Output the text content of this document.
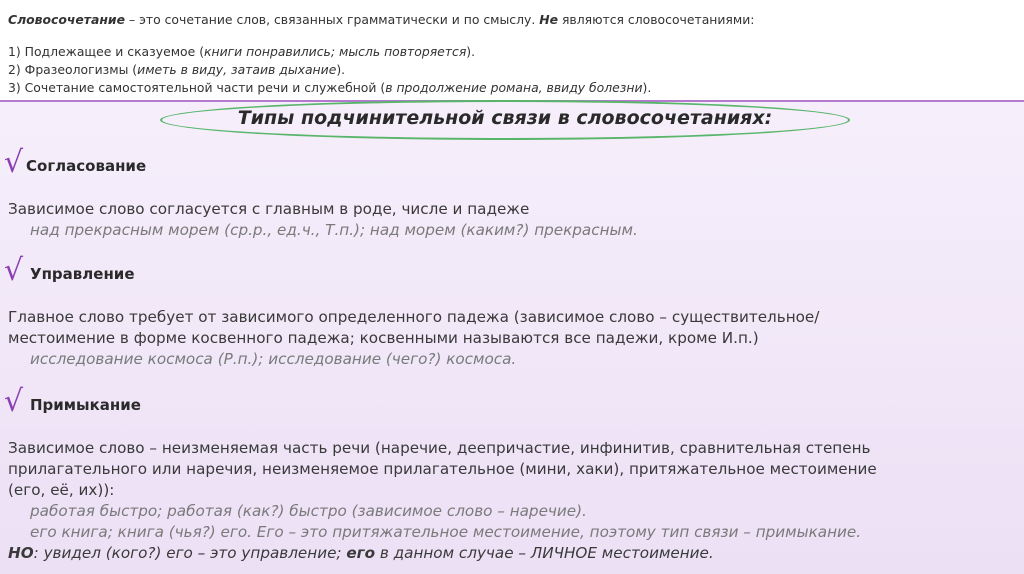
Словосочетание – это сочетание слов, связанных грамматически и по смыслу. Не являются словосочетаниями:

1) Подлежащее и сказуемое (книги понравились; мысль повторяется).

2) Фразеологизмы (иметь в виду, затаив дыхание).

3) Сочетание самостоятельной части речи и служебной (в продолжение романа, ввиду болезни).

Типы подчинительной связи в словосочетаниях:
√ Согласование

Зависимое слово согласуется с главным в роде, числе и падеже

над прекрасным морем (ср.р., ед.ч., Т.п.); над морем (каким?) прекрасным.

√ Управление

Главное слово требует от зависимого определенного падежа (зависимое слово – существительное/

местоимение в форме косвенного падежа; косвенными называются все падежи, кроме И.п.)

исследование космоса (Р.п.); исследование (чего?) космоса.

√ Примыкание

Зависимое слово – неизменяемая часть речи (наречие, деепричастие, инфинитив, сравнительная степень

прилагательного или наречия, неизменяемое прилагательное (мини, хаки), притяжательное местоимение

(его, её, их)):

работая быстро; работая (как?) быстро (зависимое слово – наречие).

его книга; книга (чья?) его. Его – это притяжательное местоимение, поэтому тип связи – примыкание.

НО: увидел (кого?) его – это управление; его в данном случае – ЛИЧНОЕ местоимение.
